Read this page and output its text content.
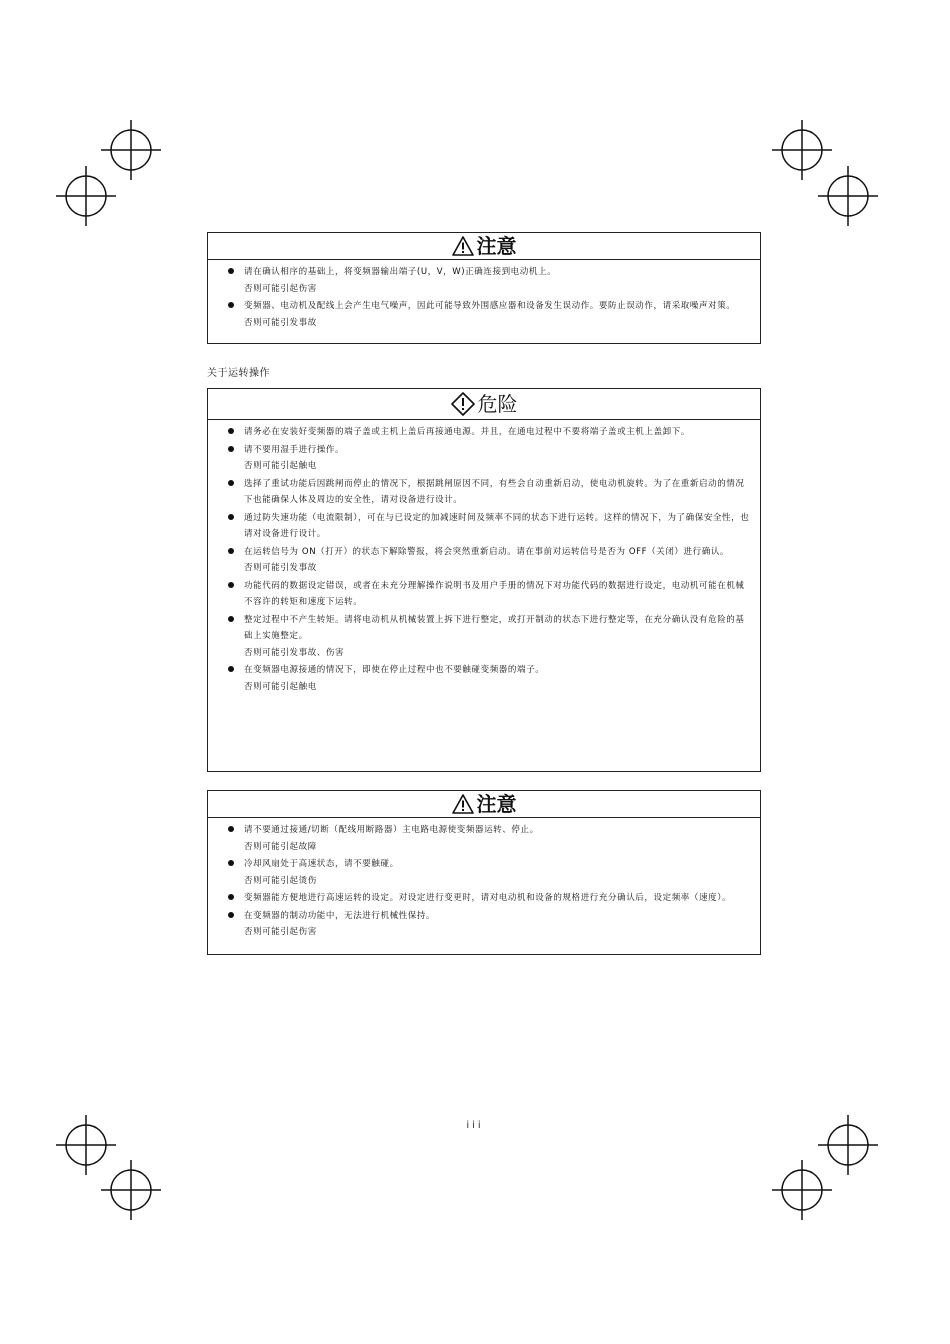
注意
请在确认相序的基础上，将变频器输出端子(U，V，W)正确连接到电动机上。
否则可能引起伤害
变频器、电动机及配线上会产生电气噪声，因此可能导致外围感应器和设备发生误动作。要防止误动作，请采取噪声对策。
否则可能引发事故
关于运转操作
危险
请务必在安装好变频器的端子盖或主机上盖后再接通电源。并且，在通电过程中不要将端子盖或主机上盖卸下。
请不要用湿手进行操作。
否则可能引起触电
选择了重试功能后因跳闸而停止的情况下，根据跳闸原因不同，有些会自动重新启动，使电动机旋转。为了在重新启动的情况下也能确保人体及周边的安全性，请对设备进行设计。
通过防失速功能（电流限制），可在与已设定的加减速时间及频率不同的状态下进行运转。这样的情况下，为了确保安全性，也请对设备进行设计。
在运转信号为 ON（打开）的状态下解除警报，将会突然重新启动。请在事前对运转信号是否为 OFF（关闭）进行确认。
否则可能引发事故
功能代码的数据设定错误，或者在未充分理解操作说明书及用户手册的情况下对功能代码的数据进行设定，电动机可能在机械不容许的转矩和速度下运转。
整定过程中不产生转矩。请将电动机从机械装置上拆下进行整定，或打开制动的状态下进行整定等，在充分确认没有危险的基础上实施整定。
否则可能引发事故、伤害
在变频器电源接通的情况下，即使在停止过程中也不要触碰变频器的端子。
否则可能引起触电
注意
请不要通过接通/切断（配线用断路器）主电路电源使变频器运转、停止。
否则可能引起故障
冷却风扇处于高速状态，请不要触碰。
否则可能引起烫伤
变频器能方便地进行高速运转的设定。对设定进行变更时，请对电动机和设备的规格进行充分确认后，设定频率（速度）。
在变频器的制动功能中，无法进行机械性保持。
否则可能引起伤害
iii
